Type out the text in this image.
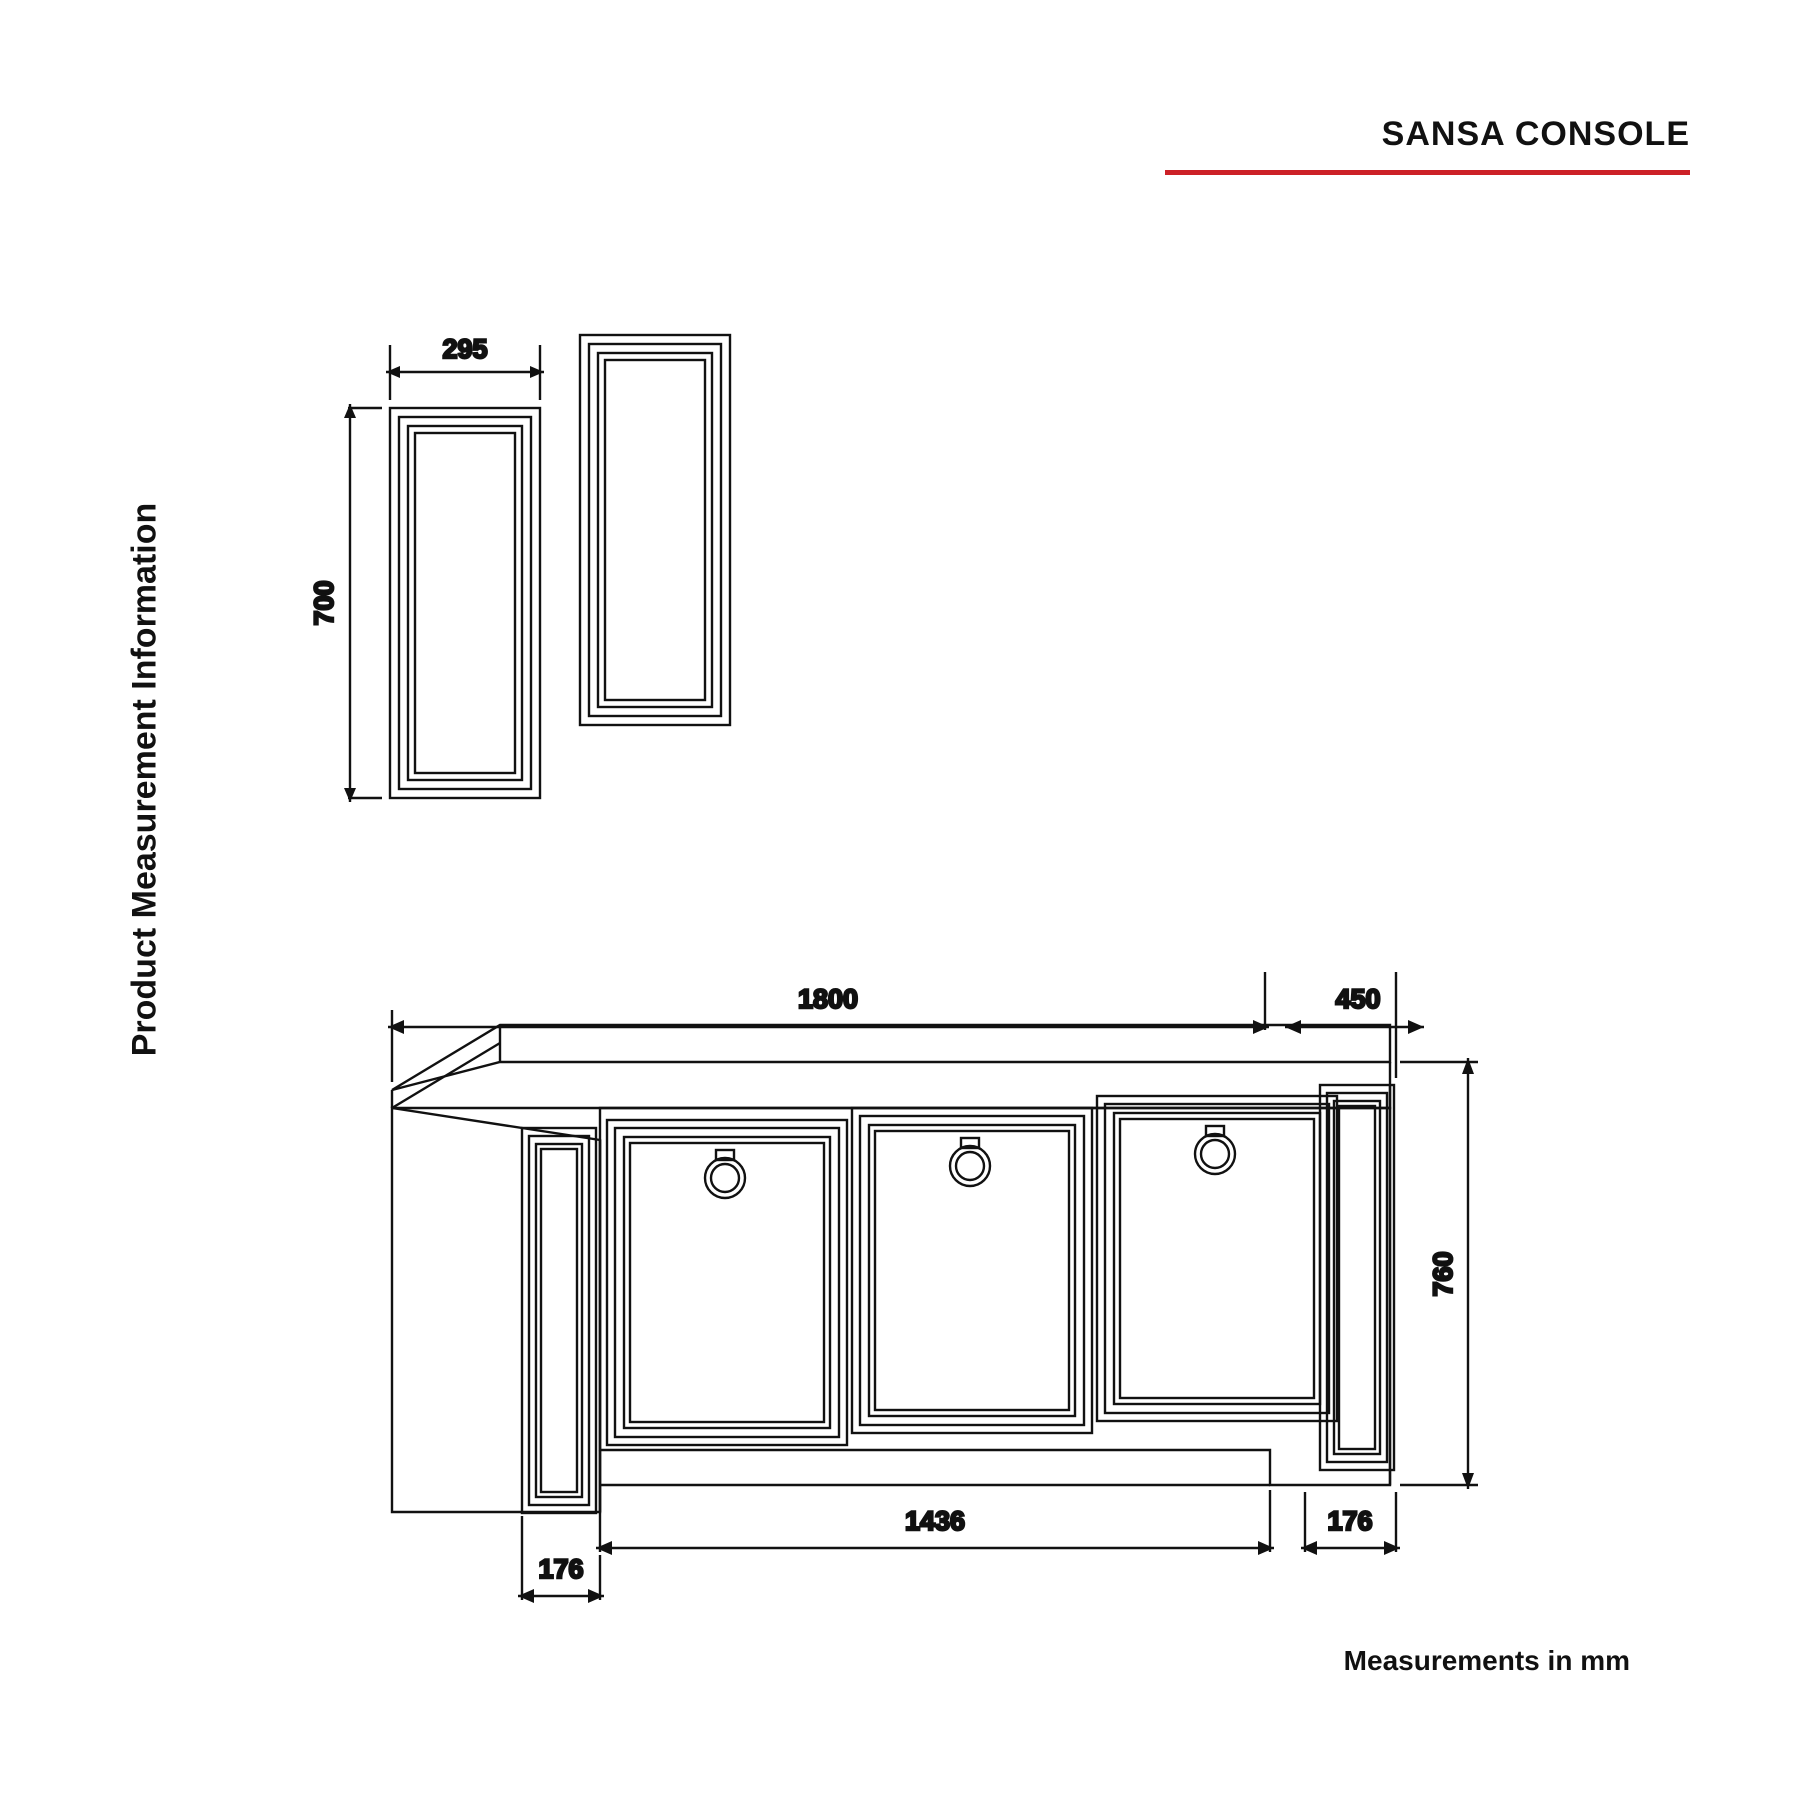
SANSA CONSOLE
Product Measurement Information
Measurements in mm
295
700
1800	450
760
1436
176
176
